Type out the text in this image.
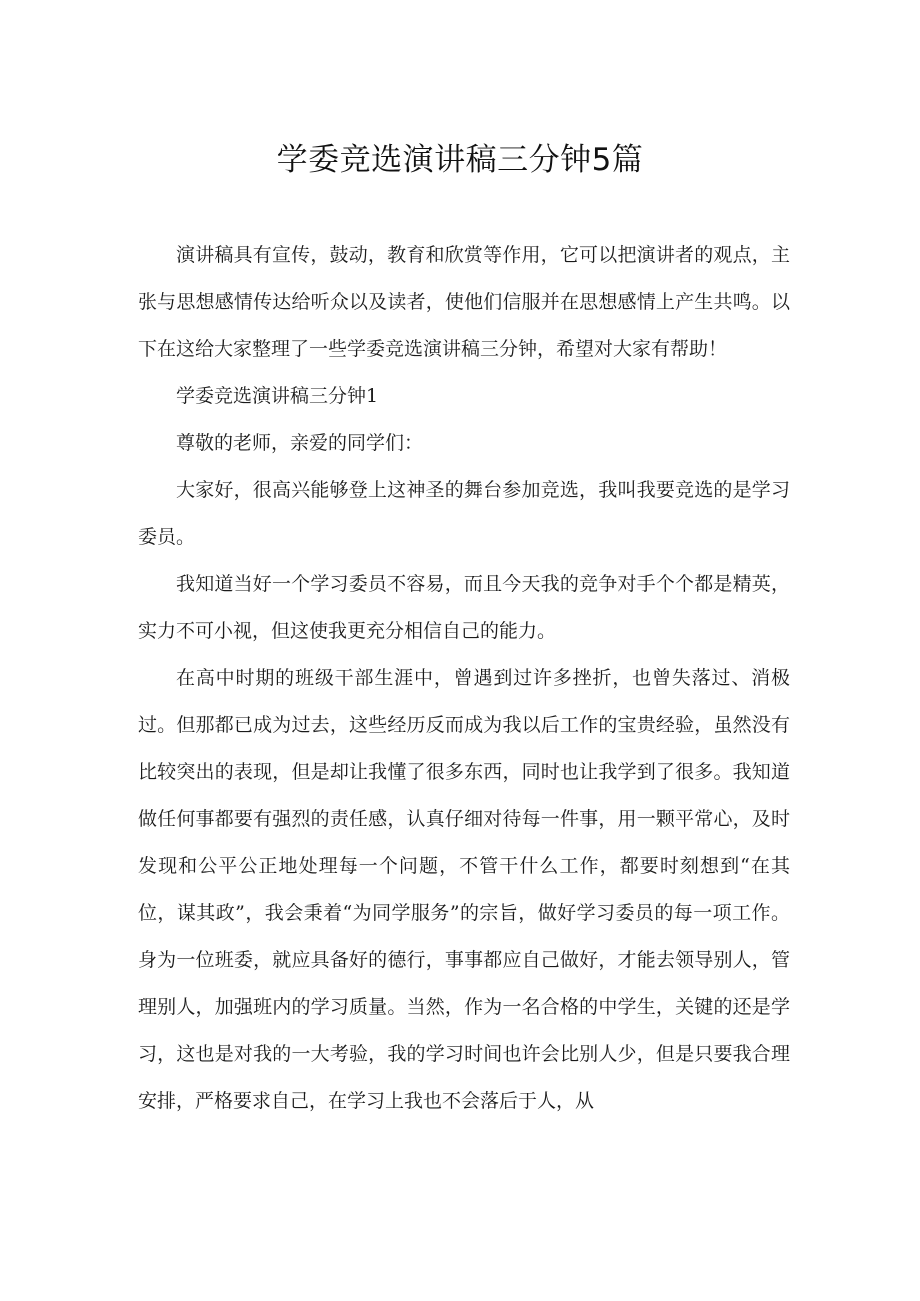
学委竞选演讲稿三分钟5篇

演讲稿具有宣传，鼓动，教育和欣赏等作用，它可以把演讲者的观点，主张与思想感情传达给听众以及读者，使他们信服并在思想感情上产生共鸣。以下在这给大家整理了一些学委竞选演讲稿三分钟，希望对大家有帮助！

学委竞选演讲稿三分钟1

尊敬的老师，亲爱的同学们：

大家好，很高兴能够登上这神圣的舞台参加竞选，我叫我要竞选的是学习委员。

我知道当好一个学习委员不容易，而且今天我的竞争对手个个都是精英，实力不可小视，但这使我更充分相信自己的能力。

在高中时期的班级干部生涯中，曾遇到过许多挫折，也曾失落过、消极过。但那都已成为过去，这些经历反而成为我以后工作的宝贵经验，虽然没有比较突出的表现，但是却让我懂了很多东西，同时也让我学到了很多。我知道做任何事都要有强烈的责任感，认真仔细对待每一件事，用一颗平常心，及时发现和公平公正地处理每一个问题，不管干什么工作，都要时刻想到“在其位，谋其政”，我会秉着“为同学服务”的宗旨，做好学习委员的每一项工作。身为一位班委，就应具备好的德行，事事都应自己做好，才能去领导别人，管理别人，加强班内的学习质量。当然，作为一名合格的中学生，关键的还是学习，这也是对我的一大考验，我的学习时间也许会比别人少，但是只要我合理安排，严格要求自己，在学习上我也不会落后于人，从
